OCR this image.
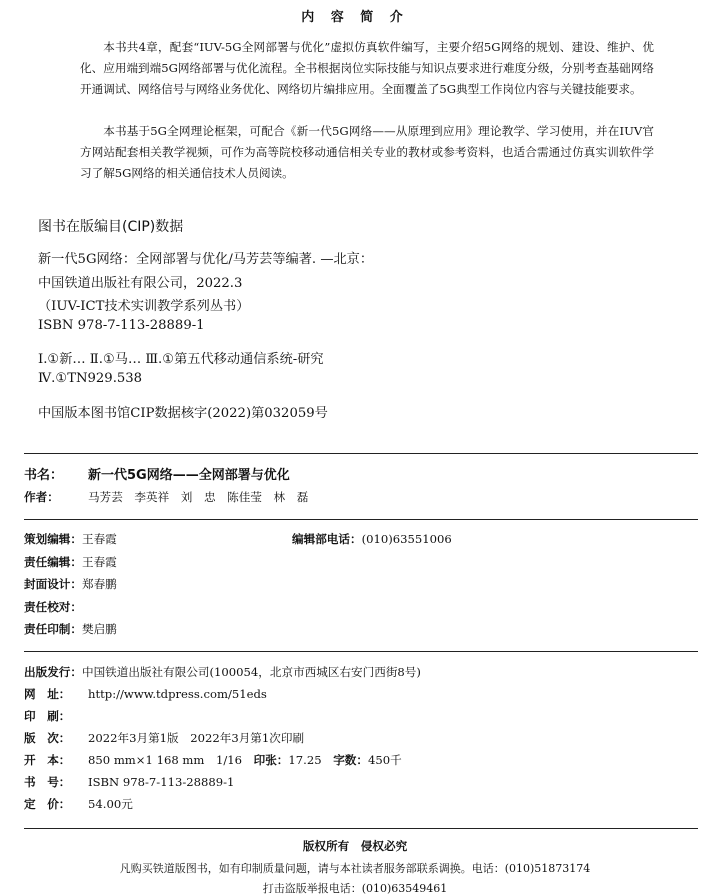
内 容 简 介
本书共4章，配套“IUV-5G全网部署与优化”虚拟仿真软件编写，主要介绍5G网络的规划、建设、维护、优化、应用端到端5G网络部署与优化流程。全书根据岗位实际技能与知识点要求进行难度分级，分别考查基础网络开通调试、网络信号与网络业务优化、网络切片编排应用。全面覆盖了5G典型工作岗位内容与关键技能要求。
本书基于5G全网理论框架，可配合《新一代5G网络——从原理到应用》理论教学、学习使用，并在IUV官方网站配套相关教学视频，可作为高等院校移动通信相关专业的教材或参考资料，也适合需通过仿真实训软件学习了解5G网络的相关通信技术人员阅读。
图书在版编目(CIP)数据
新一代5G网络：全网部署与优化/马芳芸等编著. —北京：
中国铁道出版社有限公司，2022.3
（IUV-ICT技术实训教学系列丛书）
ISBN 978-7-113-28889-1
Ⅰ.①新… Ⅱ.①马… Ⅲ.①第五代移动通信系统-研究
Ⅳ.①TN929.538
中国版本图书馆CIP数据核字(2022)第032059号
书名： 新一代5G网络——全网部署与优化
作者：	马芳芸　李英祥　刘　忠　陈佳莹　林　磊
策划编辑：王春霞	编辑部电话：(010)63551006
责任编辑：王春霞
封面设计：郑春鹏
责任校对：
责任印制：樊启鹏
出版发行：中国铁道出版社有限公司(100054，北京市西城区右安门西街8号)
网　址： http://www.tdpress.com/51eds
印　刷：
版　次： 2022年3月第1版　2022年3月第1次印刷
开　本： 850 mm×1 168 mm　1/16　印张：17.25　字数：450千
书　号： ISBN 978-7-113-28889-1
定　价： 54.00元
版权所有　侵权必究
凡购买铁道版图书，如有印制质量问题，请与本社读者服务部联系调换。电话：(010)51873174
打击盗版举报电话：(010)63549461
